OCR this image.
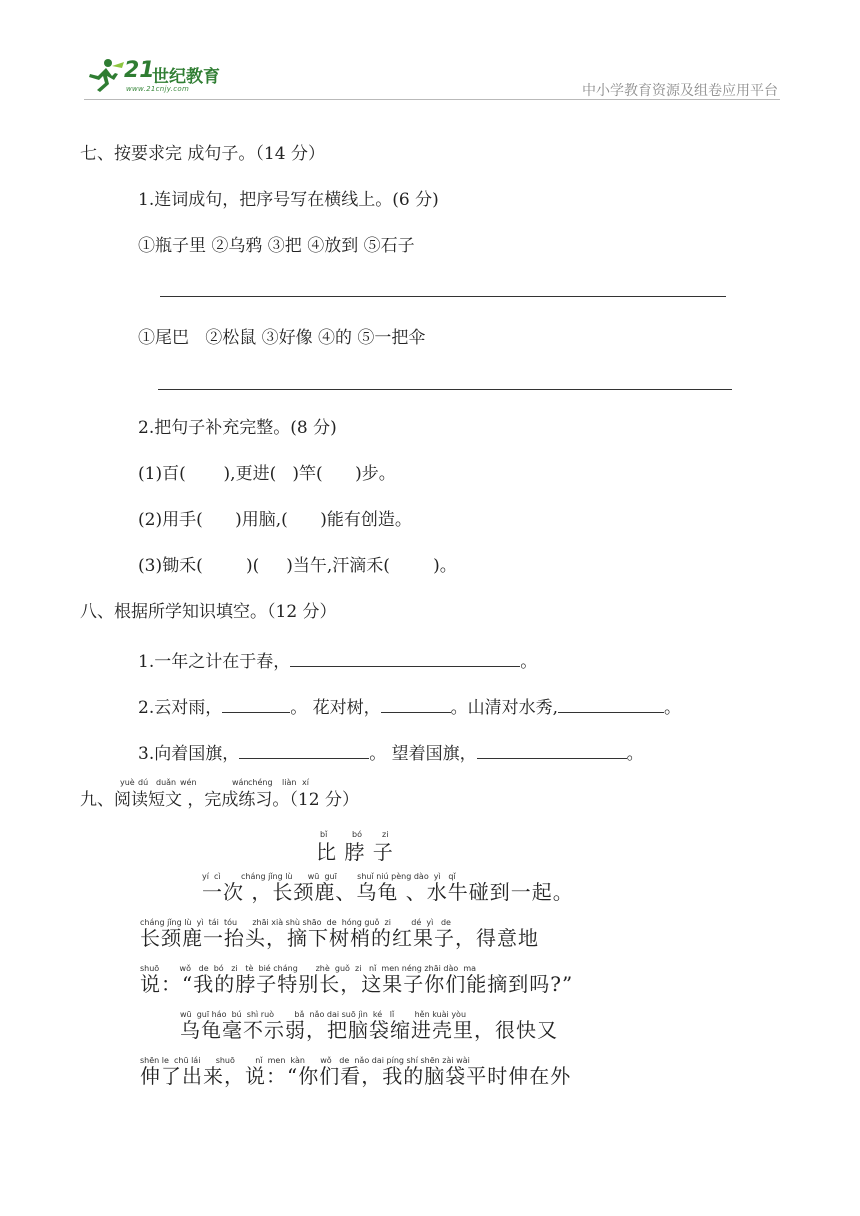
21
世纪教育
www.21cnjy.com	中小学教育资源及组卷应用平台
七、按要求完 成句子。（14 分）
1.连词成句，把序号写在横线上。(6 分)
①瓶子里 ②乌鸦 ③把 ④放到 ⑤石子
①尾巴   ②松鼠 ③好像 ④的 ⑤一把伞
2.把句子补充完整。(8 分)
(1)百(       ),更进(   )竿(      )步。
(2)用手(      )用脑,(      )能有创造。
(3)锄禾(        )(     )当午,汗滴禾(        )。
八、根据所学知识填空。（12 分）
1.一年之计在于春，	。
2.云对雨，	。 花对树，	。山清对水秀,	。
3.向着国旗，	。 望着国旗，	。
yuè dú duǎn wén	wán chéng liàn xí
九、阅读短文 ，完成练习。（12 分）
bǐ	bó	zi
比 脖 子
yí  cì        cháng jǐng lù      wū  guī        shuǐ niú pèng dào  yì   qǐ
一次 ，长颈鹿、乌龟 、水牛碰到一起。
cháng jǐng lù  yì  tái  tóu      zhāi xià shù shāo  de  hóng guǒ  zi        dé  yì   de
长颈鹿一抬头，摘下树梢的红果子，得意地
shuō        wǒ   de  bó   zi   tè  bié cháng       zhè  guǒ  zi   nǐ  men néng zhāi dào  ma
说：“我的脖子特别长，这果子你们能摘到吗?”
wū  guī háo  bú  shì ruò        bǎ  nǎo dai suō jìn  ké   lǐ        hěn kuài yòu
乌龟毫不示弱，把脑袋缩进壳里，很快又
shēn le  chū lái      shuō        nǐ  men  kàn      wǒ   de  nǎo dai píng shí shēn zài wài
伸了出来，说：“你们看，我的脑袋平时伸在外
